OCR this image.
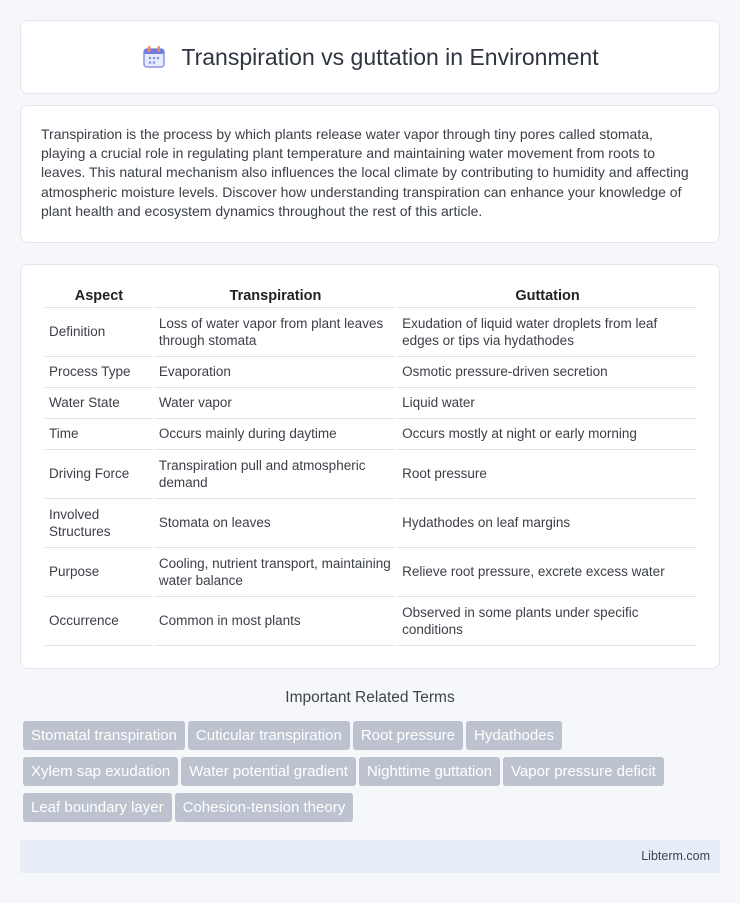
Transpiration vs guttation in Environment

Transpiration is the process by which plants release water vapor through tiny pores called stomata, playing a crucial role in regulating plant temperature and maintaining water movement from roots to leaves. This natural mechanism also influences the local climate by contributing to humidity and affecting atmospheric moisture levels. Discover how understanding transpiration can enhance your knowledge of plant health and ecosystem dynamics throughout the rest of this article.

Aspect	Transpiration	Guttation
Definition	Loss of water vapor from plant leaves through stomata	Exudation of liquid water droplets from leaf edges or tips via hydathodes
Process Type	Evaporation	Osmotic pressure-driven secretion
Water State	Water vapor	Liquid water
Time	Occurs mainly during daytime	Occurs mostly at night or early morning
Driving Force	Transpiration pull and atmospheric demand	Root pressure
Involved Structures	Stomata on leaves	Hydathodes on leaf margins
Purpose	Cooling, nutrient transport, maintaining water balance	Relieve root pressure, excrete excess water
Occurrence	Common in most plants	Observed in some plants under specific conditions
Important Related Terms
Stomatal transpiration Cuticular transpiration Root pressure Hydathodes
Xylem sap exudation Water potential gradient Nighttime guttation Vapor pressure deficit
Leaf boundary layer Cohesion-tension theory
Libterm.com
